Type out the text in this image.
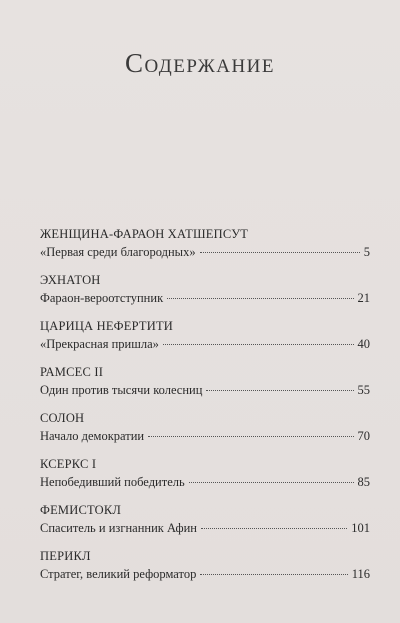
Содержание
ЖЕНЩИНА-ФАРАОН ХАТШЕПСУТ
«Первая среди благородных»	5
ЭХНАТОН
Фараон-вероотступник	21
ЦАРИЦА НЕФЕРТИТИ
«Прекрасная пришла»	40
РАМСЕС II
Один против тысячи колесниц	55
СОЛОН
Начало демократии	70
КСЕРКС I
Непобедивший победитель	85
ФЕМИСТОКЛ
Спаситель и изгнанник Афин	101
ПЕРИКЛ
Стратег, великий реформатор	116
